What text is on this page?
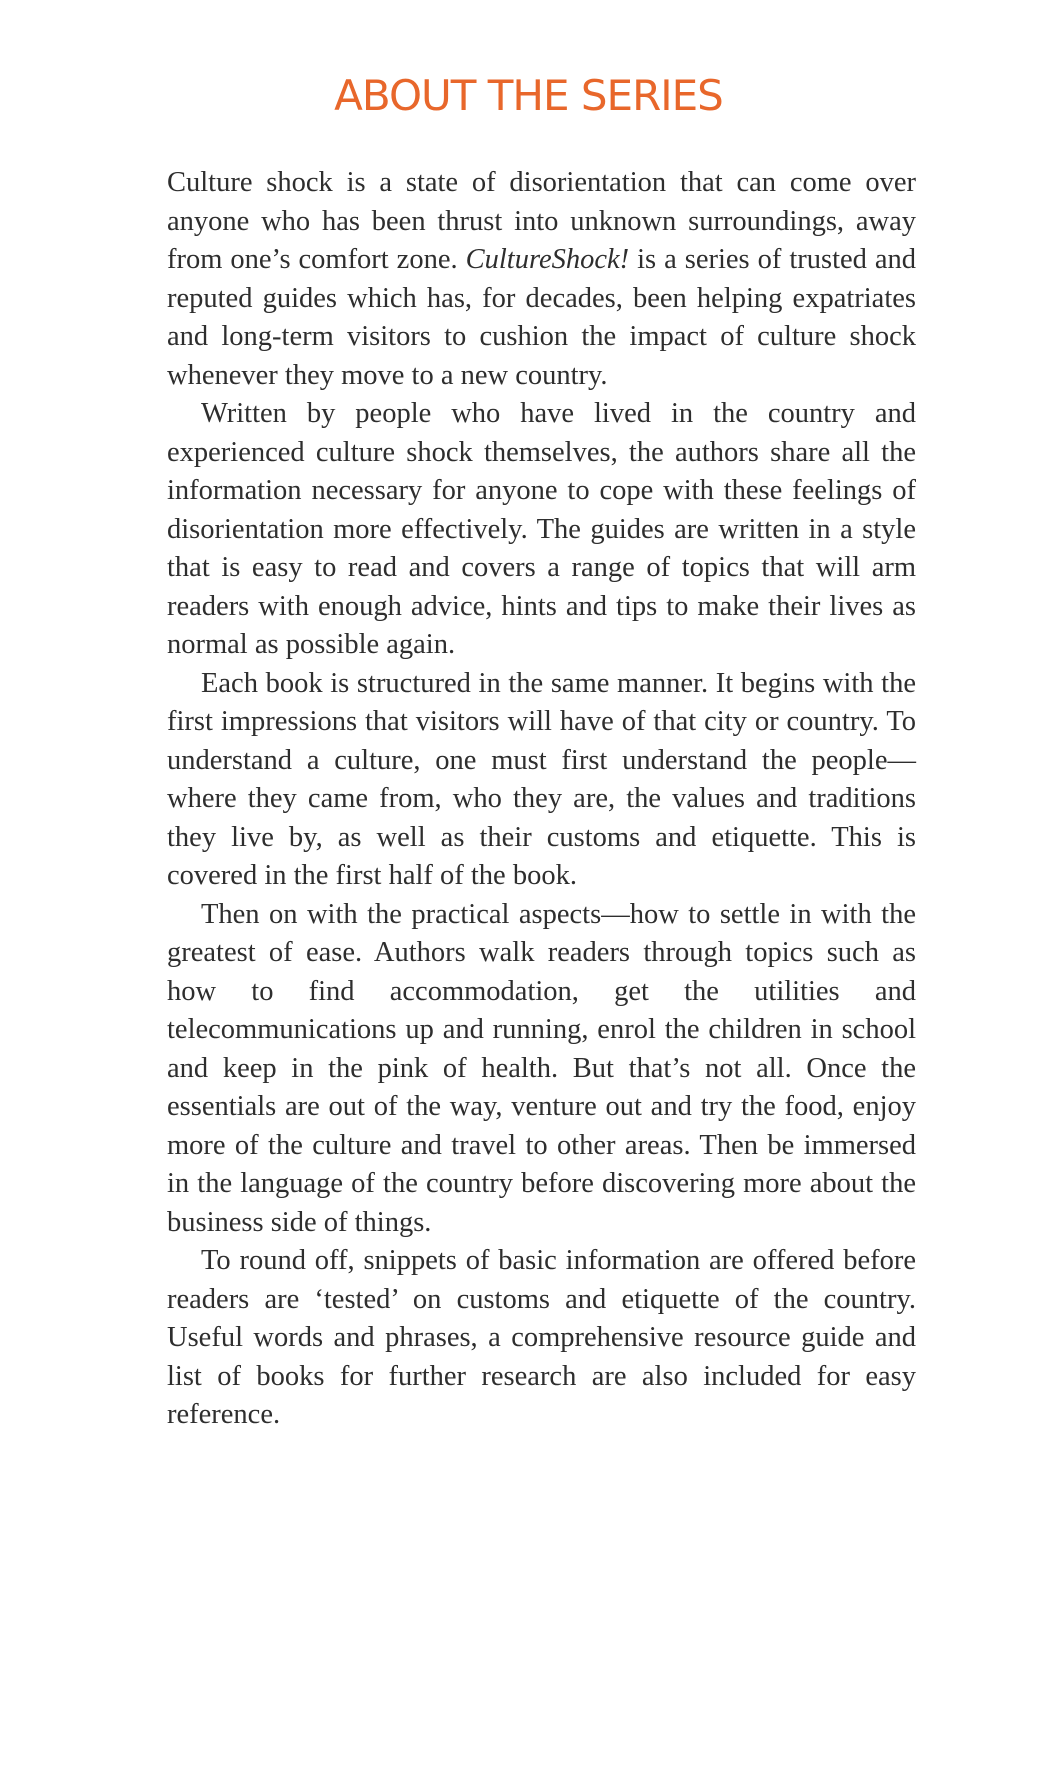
ABOUT THE SERIES

Culture shock is a state of disorientation that can come over anyone who has been thrust into unknown surroundings, away from one’s comfort zone. CultureShock! is a series of trusted and reputed guides which has, for decades, been helping expatriates and long-term visitors to cushion the impact of culture shock whenever they move to a new country.

Written by people who have lived in the country and experienced culture shock themselves, the authors share all the information necessary for anyone to cope with these feelings of disorientation more effectively. The guides are written in a style that is easy to read and covers a range of topics that will arm readers with enough advice, hints and tips to make their lives as normal as possible again.

Each book is structured in the same manner. It begins with the first impressions that visitors will have of that city or country. To understand a culture, one must first understand the people—where they came from, who they are, the values and traditions they live by, as well as their customs and etiquette. This is covered in the first half of the book.

Then on with the practical aspects—how to settle in with the greatest of ease. Authors walk readers through topics such as how to find accommodation, get the utilities and telecommunications up and running, enrol the children in school and keep in the pink of health. But that’s not all. Once the essentials are out of the way, venture out and try the food, enjoy more of the culture and travel to other areas. Then be immersed in the language of the country before discovering more about the business side of things.

To round off, snippets of basic information are offered before readers are ‘tested’ on customs and etiquette of the country. Useful words and phrases, a comprehensive resource guide and list of books for further research are also included for easy reference.
